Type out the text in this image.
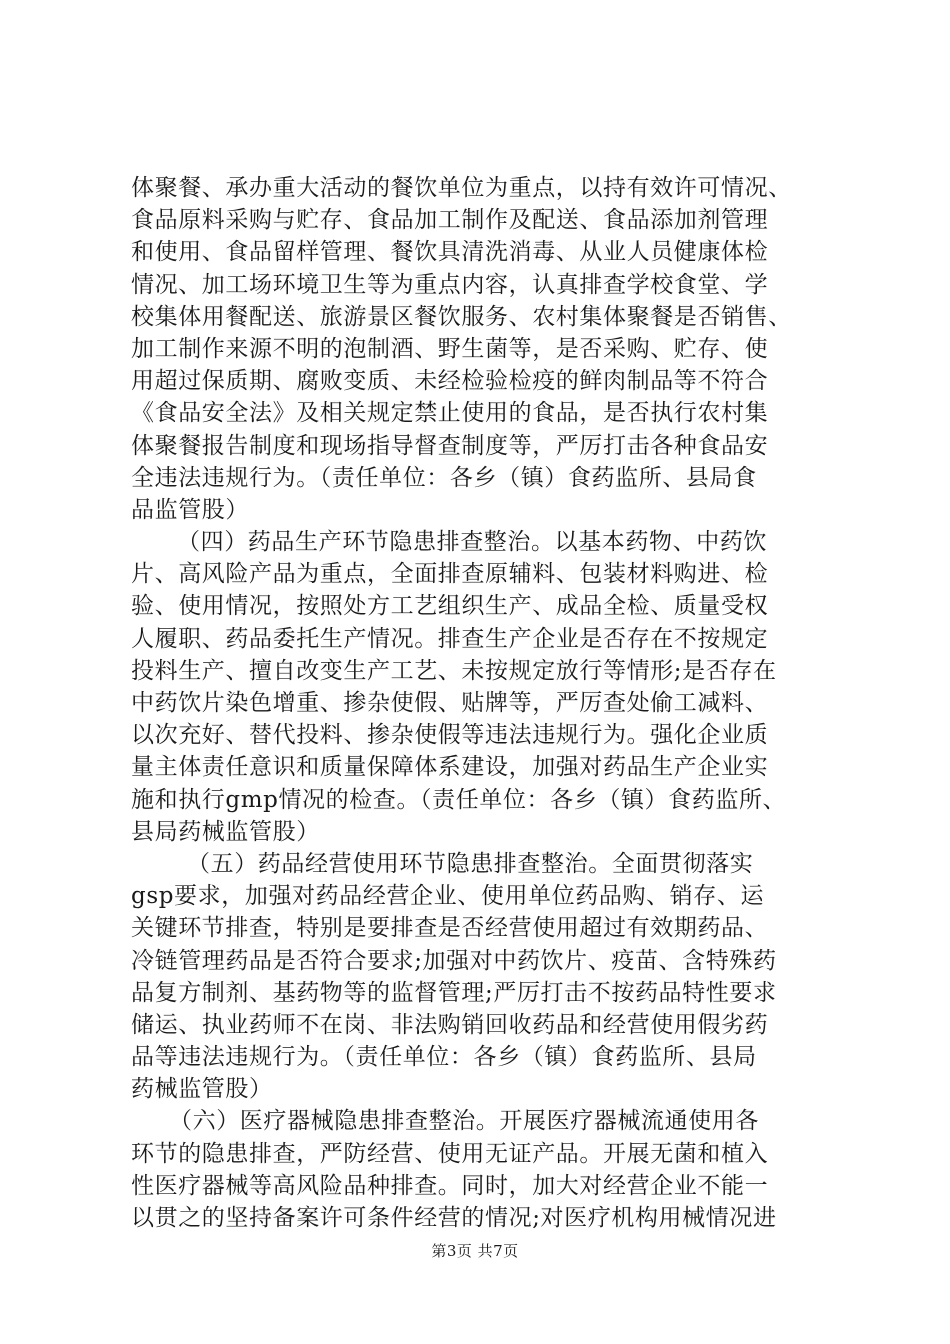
体聚餐、承办重大活动的餐饮单位为重点，以持有效许可情况、
食品原料采购与贮存、食品加工制作及配送、食品添加剂管理
和使用、食品留样管理、餐饮具清洗消毒、从业人员健康体检
情况、加工场环境卫生等为重点内容，认真排查学校食堂、学
校集体用餐配送、旅游景区餐饮服务、农村集体聚餐是否销售、
加工制作来源不明的泡制酒、野生菌等，是否采购、贮存、使
用超过保质期、腐败变质、未经检验检疫的鲜肉制品等不符合
《食品安全法》及相关规定禁止使用的食品，是否执行农村集
体聚餐报告制度和现场指导督查制度等，严厉打击各种食品安
全违法违规行为。（责任单位：各乡（镇）食药监所、县局食
品监管股）
（四）药品生产环节隐患排查整治。以基本药物、中药饮
片、高风险产品为重点，全面排查原辅料、包装材料购进、检
验、使用情况，按照处方工艺组织生产、成品全检、质量受权
人履职、药品委托生产情况。排查生产企业是否存在不按规定
投料生产、擅自改变生产工艺、未按规定放行等情形;是否存在
中药饮片染色增重、掺杂使假、贴牌等，严厉查处偷工减料、
以次充好、替代投料、掺杂使假等违法违规行为。强化企业质
量主体责任意识和质量保障体系建设，加强对药品生产企业实
施和执行gmp情况的检查。（责任单位：各乡（镇）食药监所、
县局药械监管股）
（五）药品经营使用环节隐患排查整治。全面贯彻落实
gsp要求，加强对药品经营企业、使用单位药品购、销存、运
关键环节排查，特别是要排查是否经营使用超过有效期药品、
冷链管理药品是否符合要求;加强对中药饮片、疫苗、含特殊药
品复方制剂、基药物等的监督管理;严厉打击不按药品特性要求
储运、执业药师不在岗、非法购销回收药品和经营使用假劣药
品等违法违规行为。（责任单位：各乡（镇）食药监所、县局
药械监管股）
（六）医疗器械隐患排查整治。开展医疗器械流通使用各
环节的隐患排查，严防经营、使用无证产品。开展无菌和植入
性医疗器械等高风险品种排查。同时，加大对经营企业不能一
以贯之的坚持备案许可条件经营的情况;对医疗机构用械情况进
第3页 共7页
